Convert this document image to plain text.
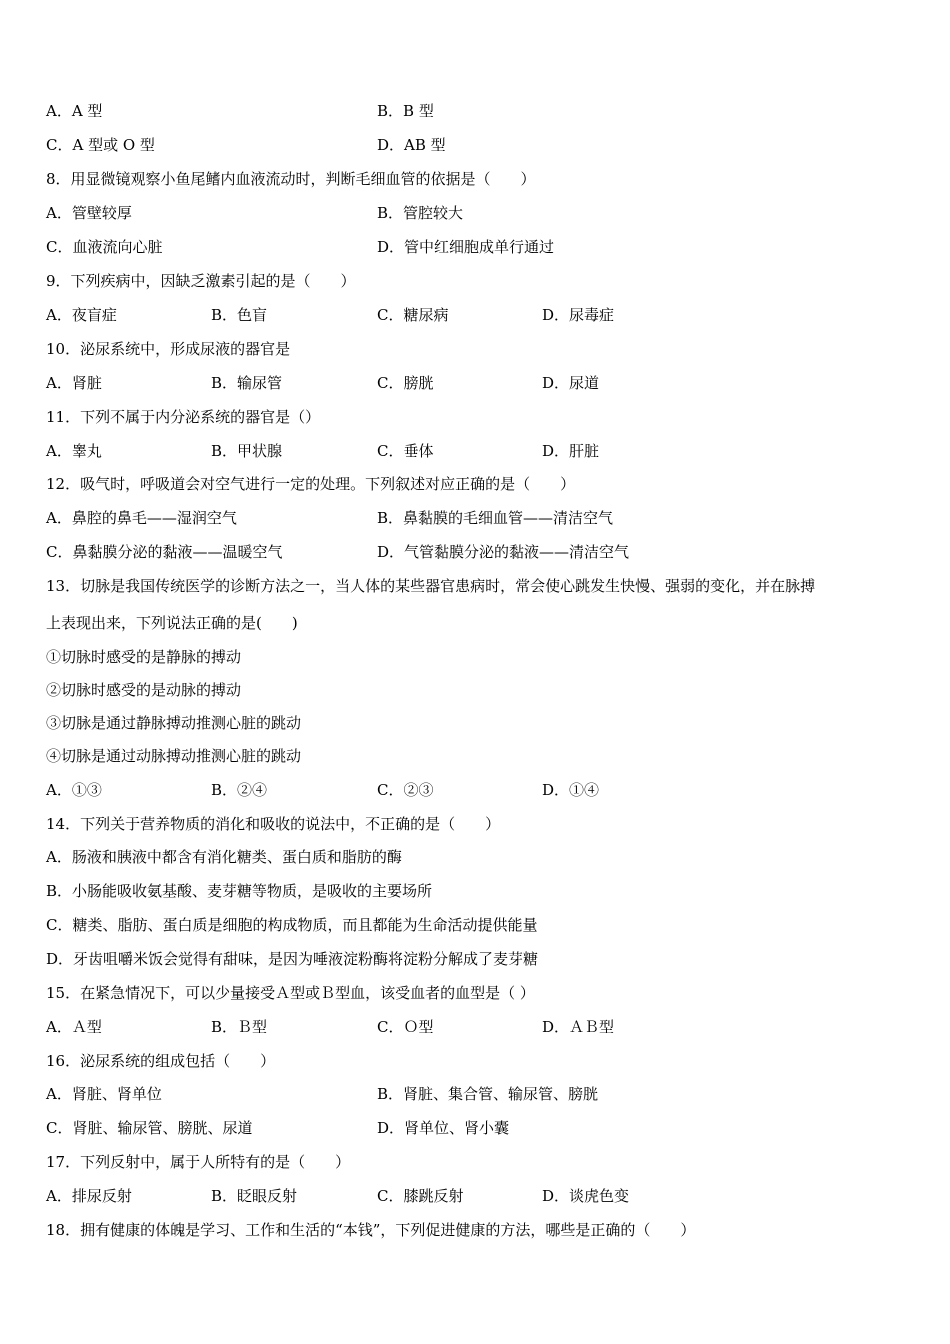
A．A 型	B．B 型
C．A 型或 O 型	D．AB 型
8．用显微镜观察小鱼尾鳍内血液流动时，判断毛细血管的依据是（　　）
A．管壁较厚	B．管腔较大
C．血液流向心脏	D．管中红细胞成单行通过
9．下列疾病中，因缺乏激素引起的是（　　）
A．夜盲症	B．色盲	C．糖尿病	D．尿毒症
10．泌尿系统中，形成尿液的器官是
A．肾脏	B．输尿管	C．膀胱	D．尿道
11．下列不属于内分泌系统的器官是（）
A．睾丸	B．甲状腺	C．垂体	D．肝脏
12．吸气时，呼吸道会对空气进行一定的处理。下列叙述对应正确的是（　　）
A．鼻腔的鼻毛——湿润空气	B．鼻黏膜的毛细血管——清洁空气
C．鼻黏膜分泌的黏液——温暖空气	D．气管黏膜分泌的黏液——清洁空气
13．切脉是我国传统医学的诊断方法之一，当人体的某些器官患病时，常会使心跳发生快慢、强弱的变化，并在脉搏
上表现出来，下列说法正确的是(　　)
①切脉时感受的是静脉的搏动
②切脉时感受的是动脉的搏动
③切脉是通过静脉搏动推测心脏的跳动
④切脉是通过动脉搏动推测心脏的跳动
A．①③	B．②④	C．②③	D．①④
14．下列关于营养物质的消化和吸收的说法中，不正确的是（　　）
A．肠液和胰液中都含有消化糖类、蛋白质和脂肪的酶
B．小肠能吸收氨基酸、麦芽糖等物质，是吸收的主要场所
C．糖类、脂肪、蛋白质是细胞的构成物质，而且都能为生命活动提供能量
D．牙齿咀嚼米饭会觉得有甜味，是因为唾液淀粉酶将淀粉分解成了麦芽糖
15．在紧急情况下，可以少量接受Ａ型或Ｂ型血，该受血者的血型是（ ）
A．Ａ型	B．Ｂ型	C．Ｏ型	D．ＡＢ型
16．泌尿系统的组成包括（　　）
A．肾脏、肾单位	B．肾脏、集合管、输尿管、膀胱
C．肾脏、输尿管、膀胱、尿道	D．肾单位、肾小囊
17．下列反射中，属于人所特有的是（　　）
A．排尿反射	B．眨眼反射	C．膝跳反射	D．谈虎色变
18．拥有健康的体魄是学习、工作和生活的“本钱”，下列促进健康的方法，哪些是正确的（　　）
